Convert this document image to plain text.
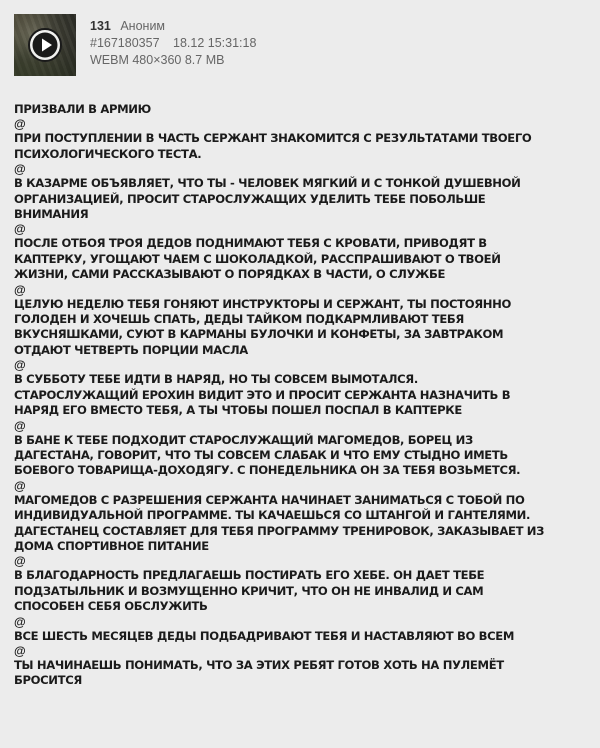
131 Аноним
#167180357 18.12 15:31:18
WEBM 480×360 8.7 MB
ПРИЗВАЛИ В АРМИЮ
@
ПРИ ПОСТУПЛЕНИИ В ЧАСТЬ СЕРЖАНТ ЗНАКОМИТСЯ С РЕЗУЛЬТАТАМИ ТВОЕГО
ПСИХОЛОГИЧЕСКОГО ТЕСТА.
@
В КАЗАРМЕ ОБЪЯВЛЯЕТ, ЧТО ТЫ - ЧЕЛОВЕК МЯГКИЙ И С ТОНКОЙ ДУШЕВНОЙ
ОРГАНИЗАЦИЕЙ, ПРОСИТ СТАРОСЛУЖАЩИХ УДЕЛИТЬ ТЕБЕ ПОБОЛЬШЕ
ВНИМАНИЯ
@
ПОСЛЕ ОТБОЯ ТРОЯ ДЕДОВ ПОДНИМАЮТ ТЕБЯ С КРОВАТИ, ПРИВОДЯТ В
КАПТЕРКУ, УГОЩАЮТ ЧАЕМ С ШОКОЛАДКОЙ, РАССПРАШИВАЮТ О ТВОЕЙ
ЖИЗНИ, САМИ РАССКАЗЫВАЮТ О ПОРЯДКАХ В ЧАСТИ, О СЛУЖБЕ
@
ЦЕЛУЮ НЕДЕЛЮ ТЕБЯ ГОНЯЮТ ИНСТРУКТОРЫ И СЕРЖАНТ, ТЫ ПОСТОЯННО
ГОЛОДЕН И ХОЧЕШЬ СПАТЬ, ДЕДЫ ТАЙКОМ ПОДКАРМЛИВАЮТ ТЕБЯ
ВКУСНЯШКАМИ, СУЮТ В КАРМАНЫ БУЛОЧКИ И КОНФЕТЫ, ЗА ЗАВТРАКОМ
ОТДАЮТ ЧЕТВЕРТЬ ПОРЦИИ МАСЛА
@
В СУББОТУ ТЕБЕ ИДТИ В НАРЯД, НО ТЫ СОВСЕМ ВЫМОТАЛСЯ.
СТАРОСЛУЖАЩИЙ ЕРОХИН ВИДИТ ЭТО И ПРОСИТ СЕРЖАНТА НАЗНАЧИТЬ В
НАРЯД ЕГО ВМЕСТО ТЕБЯ, А ТЫ ЧТОБЫ ПОШЕЛ ПОСПАЛ В КАПТЕРКЕ
@
В БАНЕ К ТЕБЕ ПОДХОДИТ СТАРОСЛУЖАЩИЙ МАГОМЕДОВ, БОРЕЦ ИЗ
ДАГЕСТАНА, ГОВОРИТ, ЧТО ТЫ СОВСЕМ СЛАБАК И ЧТО ЕМУ СТЫДНО ИМЕТЬ
БОЕВОГО ТОВАРИЩА-ДОХОДЯГУ. С ПОНЕДЕЛЬНИКА ОН ЗА ТЕБЯ ВОЗЬМЕТСЯ.
@
МАГОМЕДОВ С РАЗРЕШЕНИЯ СЕРЖАНТА НАЧИНАЕТ ЗАНИМАТЬСЯ С ТОБОЙ ПО
ИНДИВИДУАЛЬНОЙ ПРОГРАММЕ. ТЫ КАЧАЕШЬСЯ СО ШТАНГОЙ И ГАНТЕЛЯМИ.
ДАГЕСТАНЕЦ СОСТАВЛЯЕТ ДЛЯ ТЕБЯ ПРОГРАММУ ТРЕНИРОВОК, ЗАКАЗЫВАЕТ ИЗ
ДОМА СПОРТИВНОЕ ПИТАНИЕ
@
В БЛАГОДАРНОСТЬ ПРЕДЛАГАЕШЬ ПОСТИРАТЬ ЕГО ХЕБЕ. ОН ДАЕТ ТЕБЕ
ПОДЗАТЫЛЬНИК И ВОЗМУЩЕННО КРИЧИТ, ЧТО ОН НЕ ИНВАЛИД И САМ
СПОСОБЕН СЕБЯ ОБСЛУЖИТЬ
@
ВСЕ ШЕСТЬ МЕСЯЦЕВ ДЕДЫ ПОДБАДРИВАЮТ ТЕБЯ И НАСТАВЛЯЮТ ВО ВСЕМ
@
ТЫ НАЧИНАЕШЬ ПОНИМАТЬ, ЧТО ЗА ЭТИХ РЕБЯТ ГОТОВ ХОТЬ НА ПУЛЕМЁТ
БРОСИТСЯ
